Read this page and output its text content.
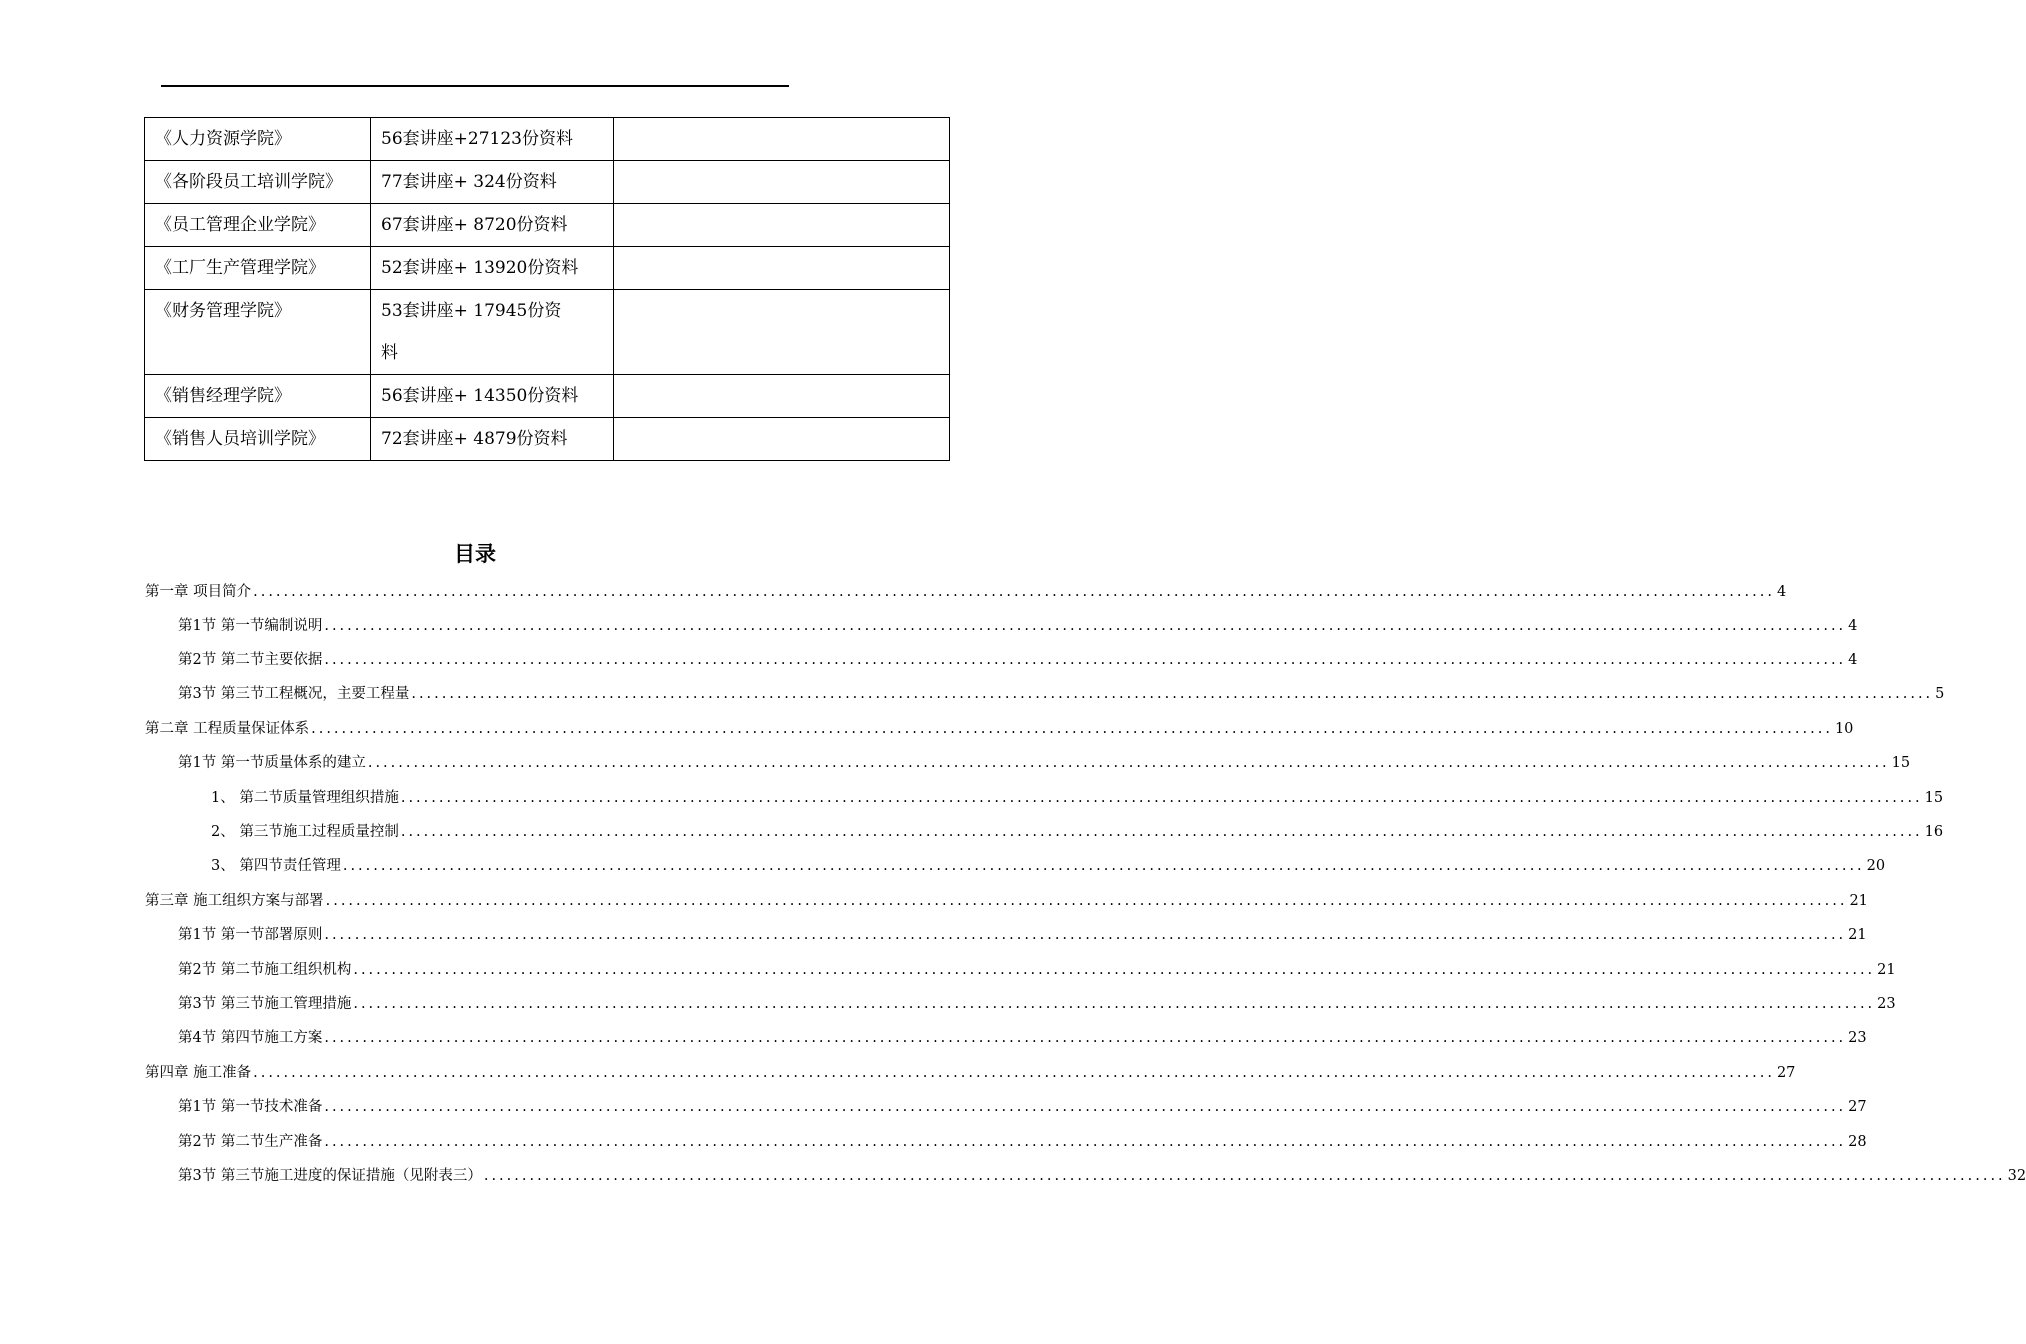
《人力资源学院》	56套讲座+27123份资料	
《各阶段员工培训学院》	77套讲座+ 324份资料	
《员工管理企业学院》	67套讲座+ 8720份资料	
《工厂生产管理学院》	52套讲座+ 13920份资料	
《财务管理学院》	53套讲座+ 17945份资料	
《销售经理学院》	56套讲座+ 14350份资料	
《销售人员培训学院》	72套讲座+ 4879份资料	
目录
第一章 项目简介 ........................................................................................................................................................................................................ 4
第1节 第一节编制说明 ........................................................................................................................................................................................................ 4
第2节 第二节主要依据 ........................................................................................................................................................................................................ 4
第3节 第三节工程概况，主要工程量 ........................................................................................................................................................................................................ 5
第二章 工程质量保证体系 ........................................................................................................................................................................................................ 10
第1节 第一节质量体系的建立 ........................................................................................................................................................................................................ 15
1、 第二节质量管理组织措施 ........................................................................................................................................................................................................ 15
2、 第三节施工过程质量控制 ........................................................................................................................................................................................................ 16
3、 第四节责任管理 ........................................................................................................................................................................................................ 20
第三章 施工组织方案与部署 ........................................................................................................................................................................................................ 21
第1节 第一节部署原则 ........................................................................................................................................................................................................ 21
第2节 第二节施工组织机构 ........................................................................................................................................................................................................ 21
第3节 第三节施工管理措施 ........................................................................................................................................................................................................ 23
第4节 第四节施工方案 ........................................................................................................................................................................................................ 23
第四章 施工准备 ........................................................................................................................................................................................................ 27
第1节 第一节技术准备 ........................................................................................................................................................................................................ 27
第2节 第二节生产准备 ........................................................................................................................................................................................................ 28
第3节 第三节施工进度的保证措施（见附表三） ........................................................................................................................................................................................................ 32
